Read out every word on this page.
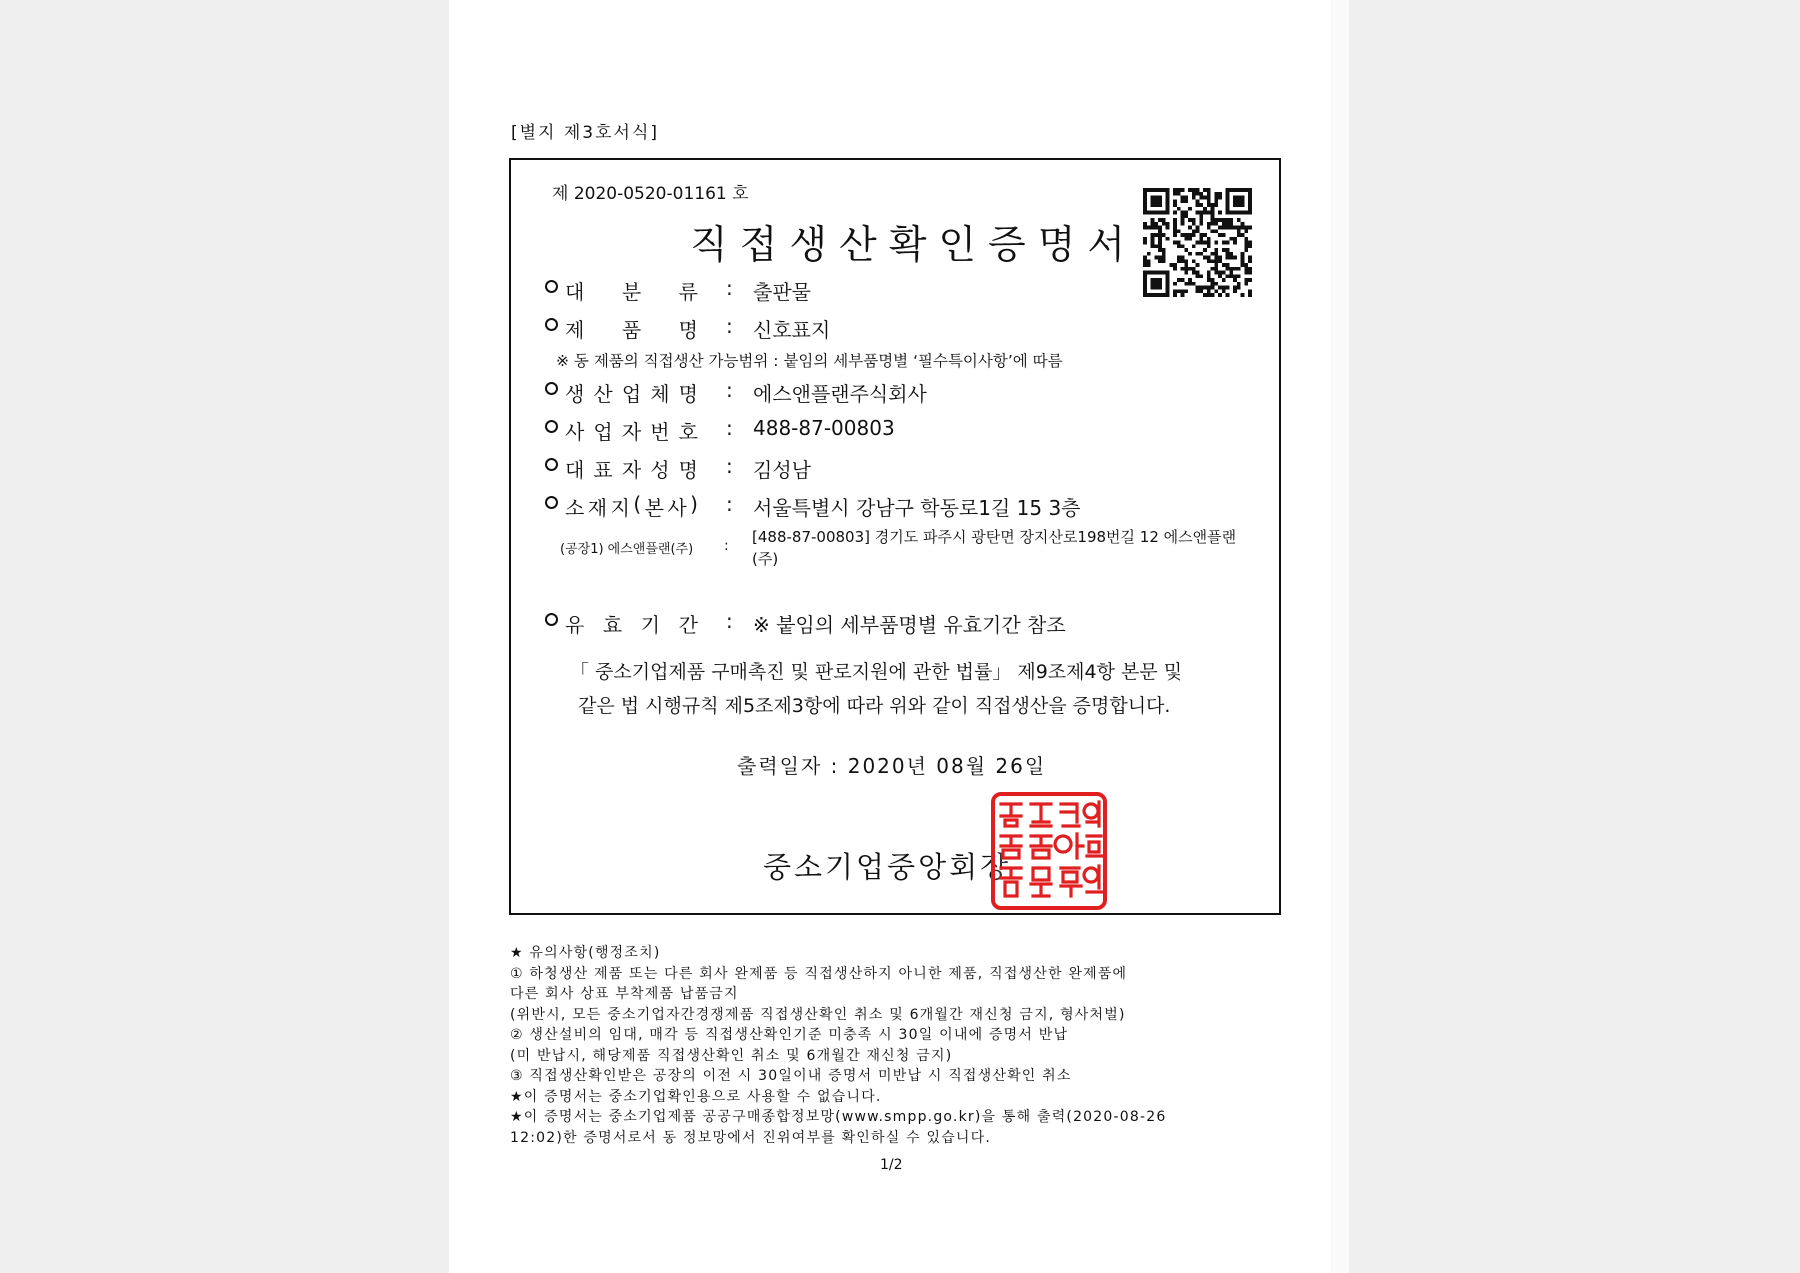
[별지 제3호서식]
제 2020-0520-01161 호
직접생산확인증명서
대 분 류 : 출판물
제 품 명 : 신호표지
※ 동 제품의 직접생산 가능범위 : 붙임의 세부품명별 ‘필수특이사항’에 따름
생 산 업 체 명 : 에스앤플랜주식회사
사 업 자 번 호 : 488-87-00803
대 표 자 성 명 : 김성남
소 재 지 ( 본 사 ) : 서울특별시 강남구 학동로1길 15 3층
(공장1) 에스앤플랜(주) : [488-87-00803] 경기도 파주시 광탄면 장지산로198번길 12 에스앤플랜(주)
유 효 기 간 : ※ 붙임의 세부품명별 유효기간 참조
「 중소기업제품 구매촉진 및 판로지원에 관한 법률」 제9조제4항 본문 및
같은 법 시행규칙 제5조제3항에 따라 위와 같이 직접생산을 증명합니다.
출력일자 : 2020년 08월 26일
중소기업중앙회장
★ 유의사항(행정조치)
① 하청생산 제품 또는 다른 회사 완제품 등 직접생산하지 아니한 제품, 직접생산한 완제품에
다른 회사 상표 부착제품 납품금지
(위반시, 모든 중소기업자간경쟁제품 직접생산확인 취소 및 6개월간 재신청 금지, 형사처벌)
② 생산설비의 임대, 매각 등 직접생산확인기준 미충족 시 30일 이내에 증명서 반납
(미 반납시, 해당제품 직접생산확인 취소 및 6개월간 재신청 금지)
③ 직접생산확인받은 공장의 이전 시 30일이내 증명서 미반납 시 직접생산확인 취소
★이 증명서는 중소기업확인용으로 사용할 수 없습니다.
★이 증명서는 중소기업제품 공공구매종합정보망(www.smpp.go.kr)을 통해 출력(2020-08-26
12:02)한 증명서로서 동 정보망에서 진위여부를 확인하실 수 있습니다.
1/2
